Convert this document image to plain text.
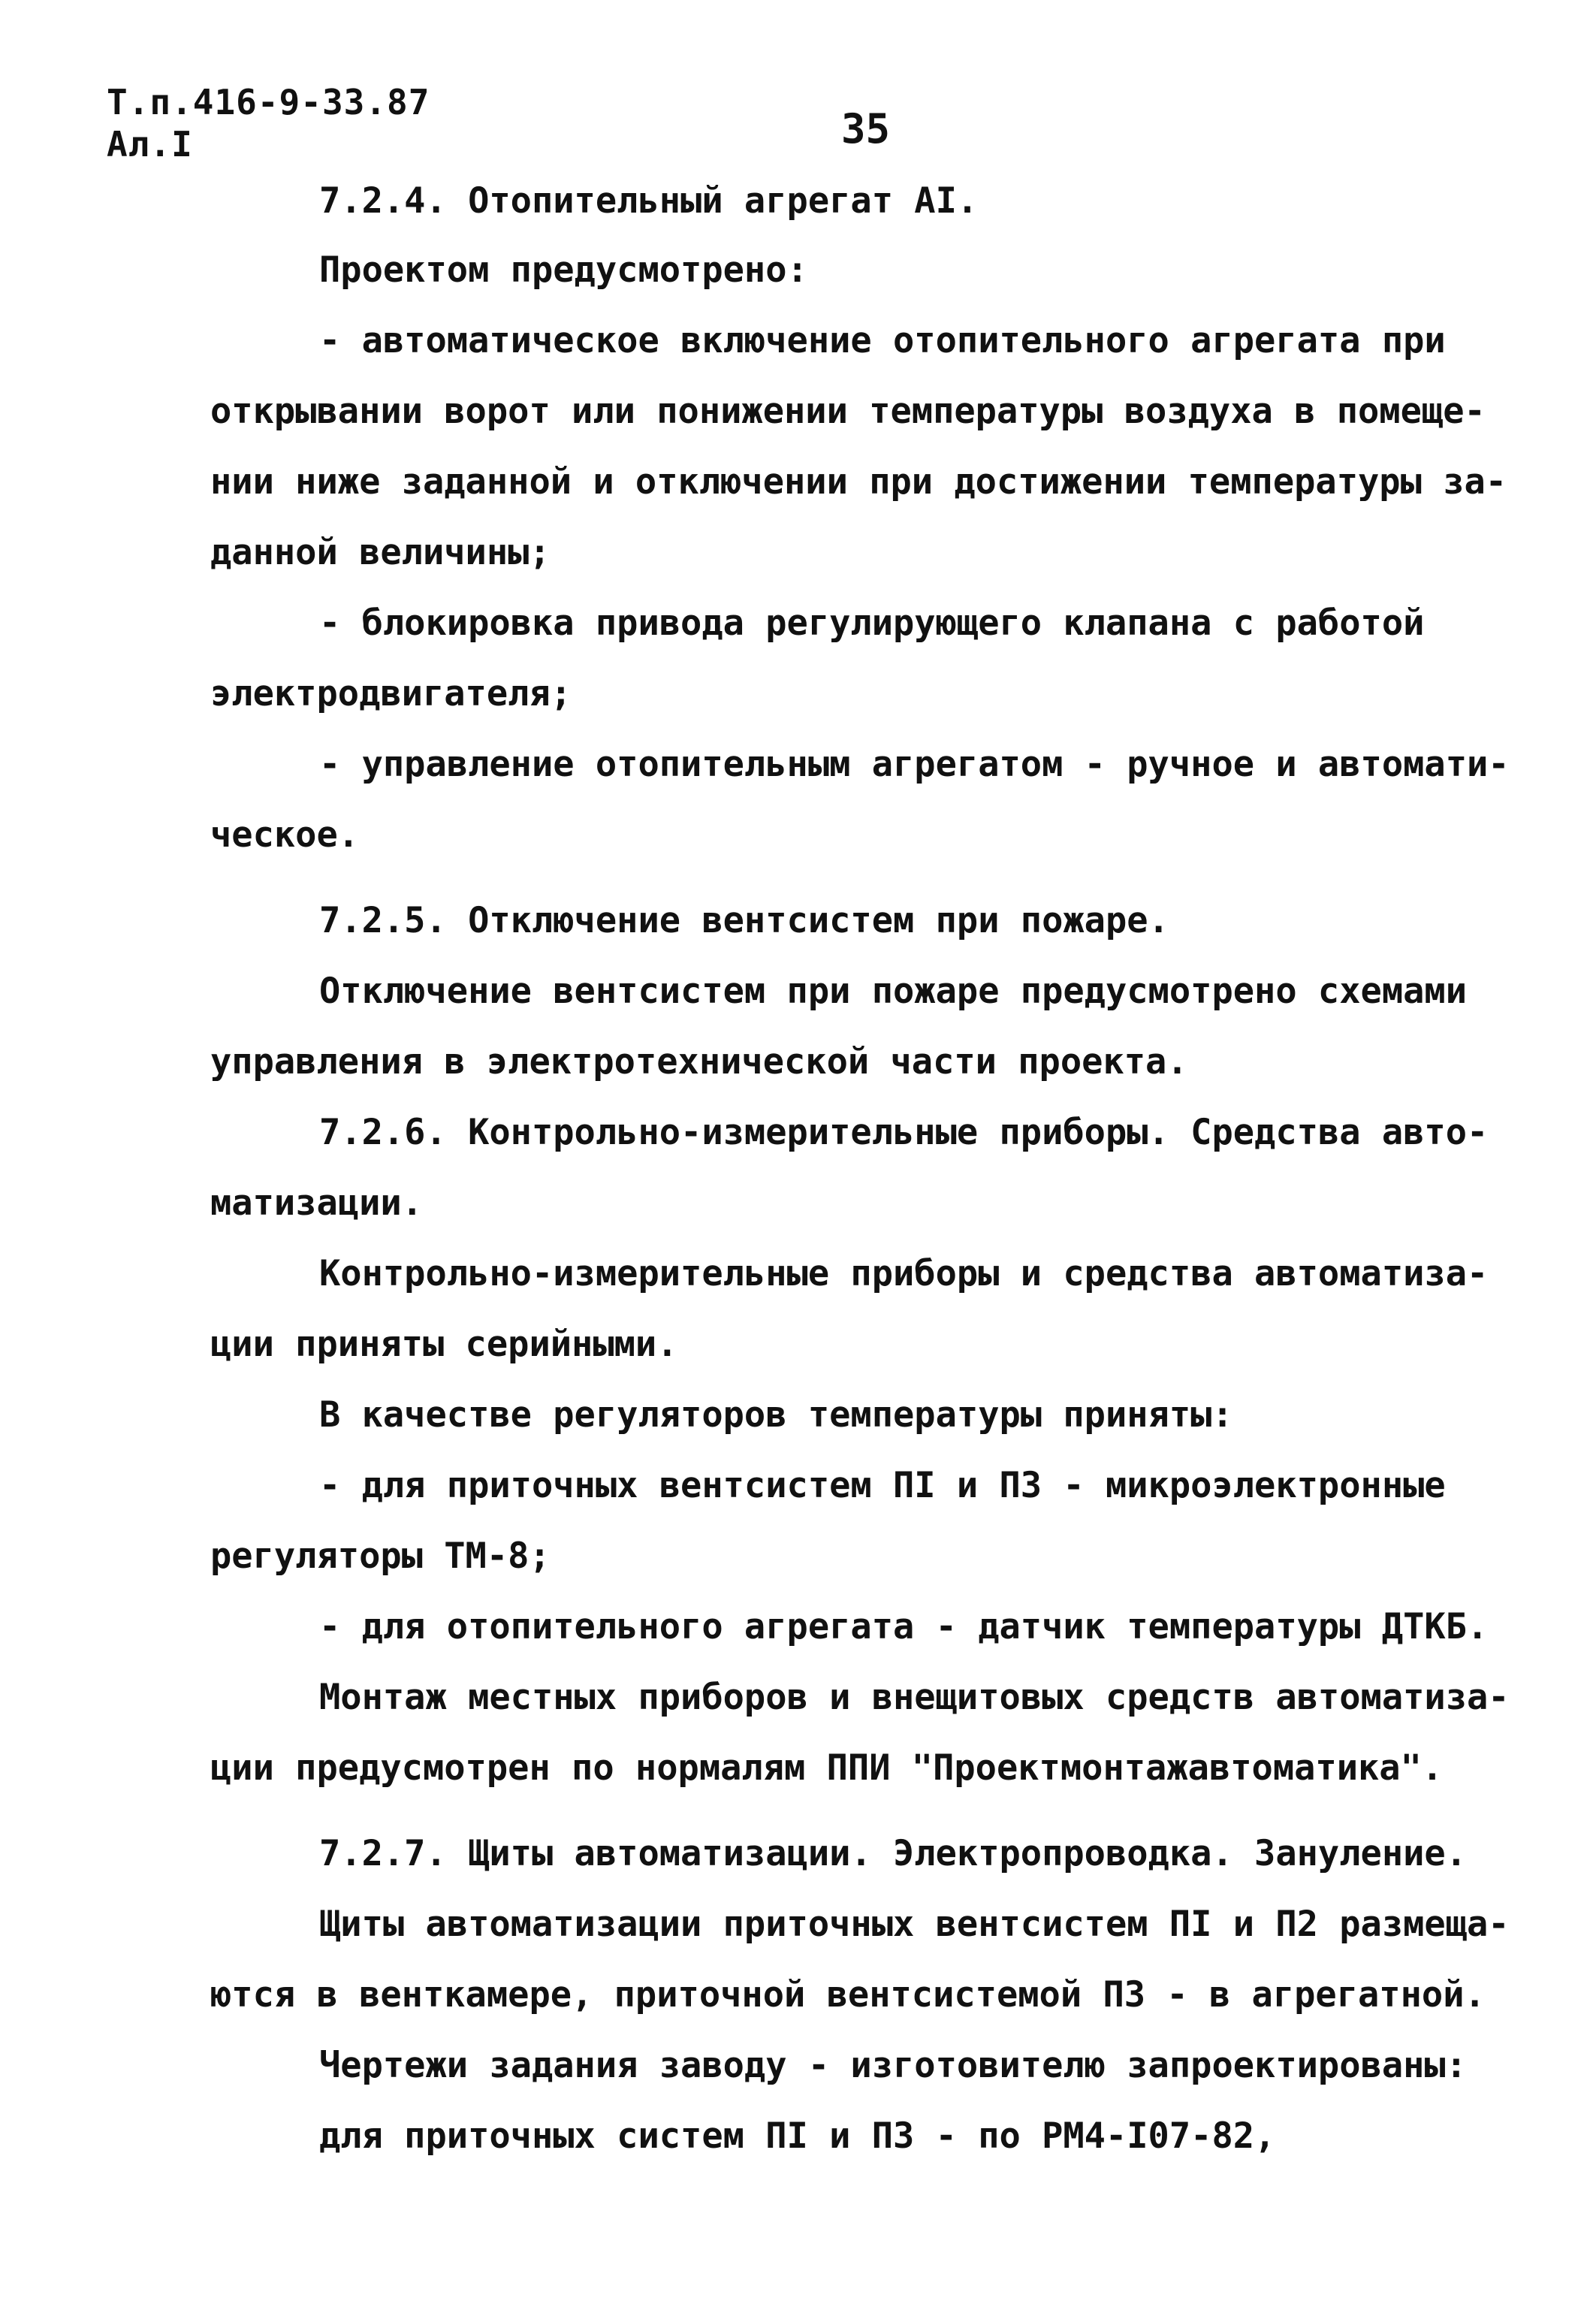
Т.п.416-9-33.87
Ал.I	35
7.2.4. Отопительный агрегат AI.
Проектом предусмотрено:
- автоматическое включение отопительного агрегата при
открывании ворот или понижении температуры воздуха в помеще-
нии ниже заданной и отключении при достижении температуры за-
данной величины;
- блокировка привода регулирующего клапана с работой
электродвигателя;
- управление отопительным агрегатом - ручное и автомати-
ческое.
7.2.5. Отключение вентсистем при пожаре.
Отключение вентсистем при пожаре предусмотрено схемами
управления в электротехнической части проекта.
7.2.6. Контрольно-измерительные приборы. Средства авто-
матизации.
Контрольно-измерительные приборы и средства автоматиза-
ции приняты серийными.
В качестве регуляторов температуры приняты:
- для приточных вентсистем ПI и П3 - микроэлектронные
регуляторы ТМ-8;
- для отопительного агрегата - датчик температуры ДТКБ.
Монтаж местных приборов и внещитовых средств автоматиза-
ции предусмотрен по нормалям ППИ "Проектмонтажавтоматика".
7.2.7. Щиты автоматизации. Электропроводка. Зануление.
Щиты автоматизации приточных вентсистем ПI и П2 размеща-
ются в венткамере, приточной вентсистемой П3 - в агрегатной.
Чертежи задания заводу - изготовителю запроектированы:
для приточных систем ПI и П3 - по РМ4-I07-82,
